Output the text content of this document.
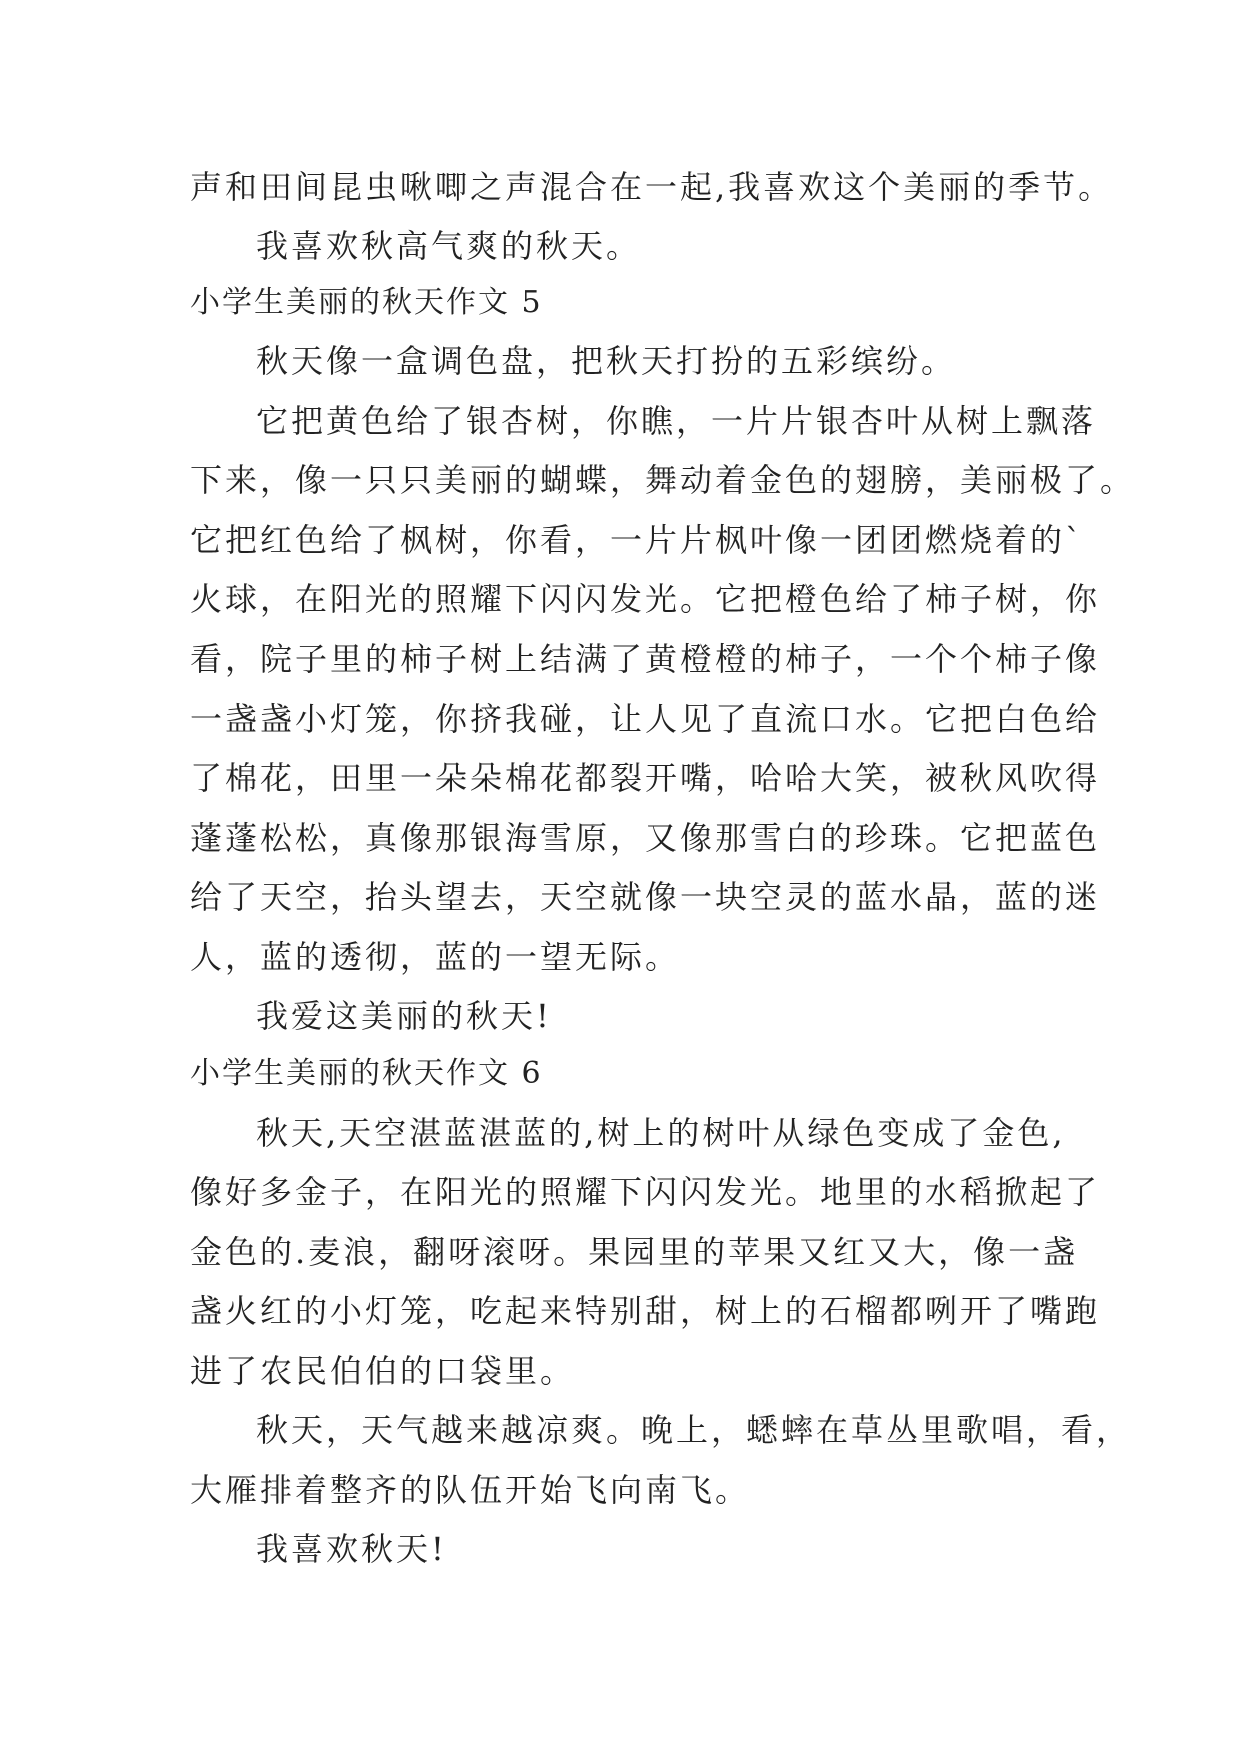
声和田间昆虫啾唧之声混合在一起,我喜欢这个美丽的季节。
我喜欢秋高气爽的秋天。
小学生美丽的秋天作文 5
秋天像一盒调色盘，把秋天打扮的五彩缤纷。
它把黄色给了银杏树，你瞧，一片片银杏叶从树上飘落
下来，像一只只美丽的蝴蝶，舞动着金色的翅膀，美丽极了。
它把红色给了枫树，你看，一片片枫叶像一团团燃烧着的`
火球，在阳光的照耀下闪闪发光。它把橙色给了柿子树，你
看，院子里的柿子树上结满了黄橙橙的柿子，一个个柿子像
一盏盏小灯笼，你挤我碰，让人见了直流口水。它把白色给
了棉花，田里一朵朵棉花都裂开嘴，哈哈大笑，被秋风吹得
蓬蓬松松，真像那银海雪原，又像那雪白的珍珠。它把蓝色
给了天空，抬头望去，天空就像一块空灵的蓝水晶，蓝的迷
人，蓝的透彻，蓝的一望无际。
我爱这美丽的秋天!
小学生美丽的秋天作文 6
秋天,天空湛蓝湛蓝的,树上的树叶从绿色变成了金色,
像好多金子，在阳光的照耀下闪闪发光。地里的水稻掀起了
金色的.麦浪，翻呀滚呀。果园里的苹果又红又大，像一盏
盏火红的小灯笼，吃起来特别甜，树上的石榴都咧开了嘴跑
进了农民伯伯的口袋里。
秋天，天气越来越凉爽。晚上，蟋蟀在草丛里歌唱，看，
大雁排着整齐的队伍开始飞向南飞。
我喜欢秋天!
